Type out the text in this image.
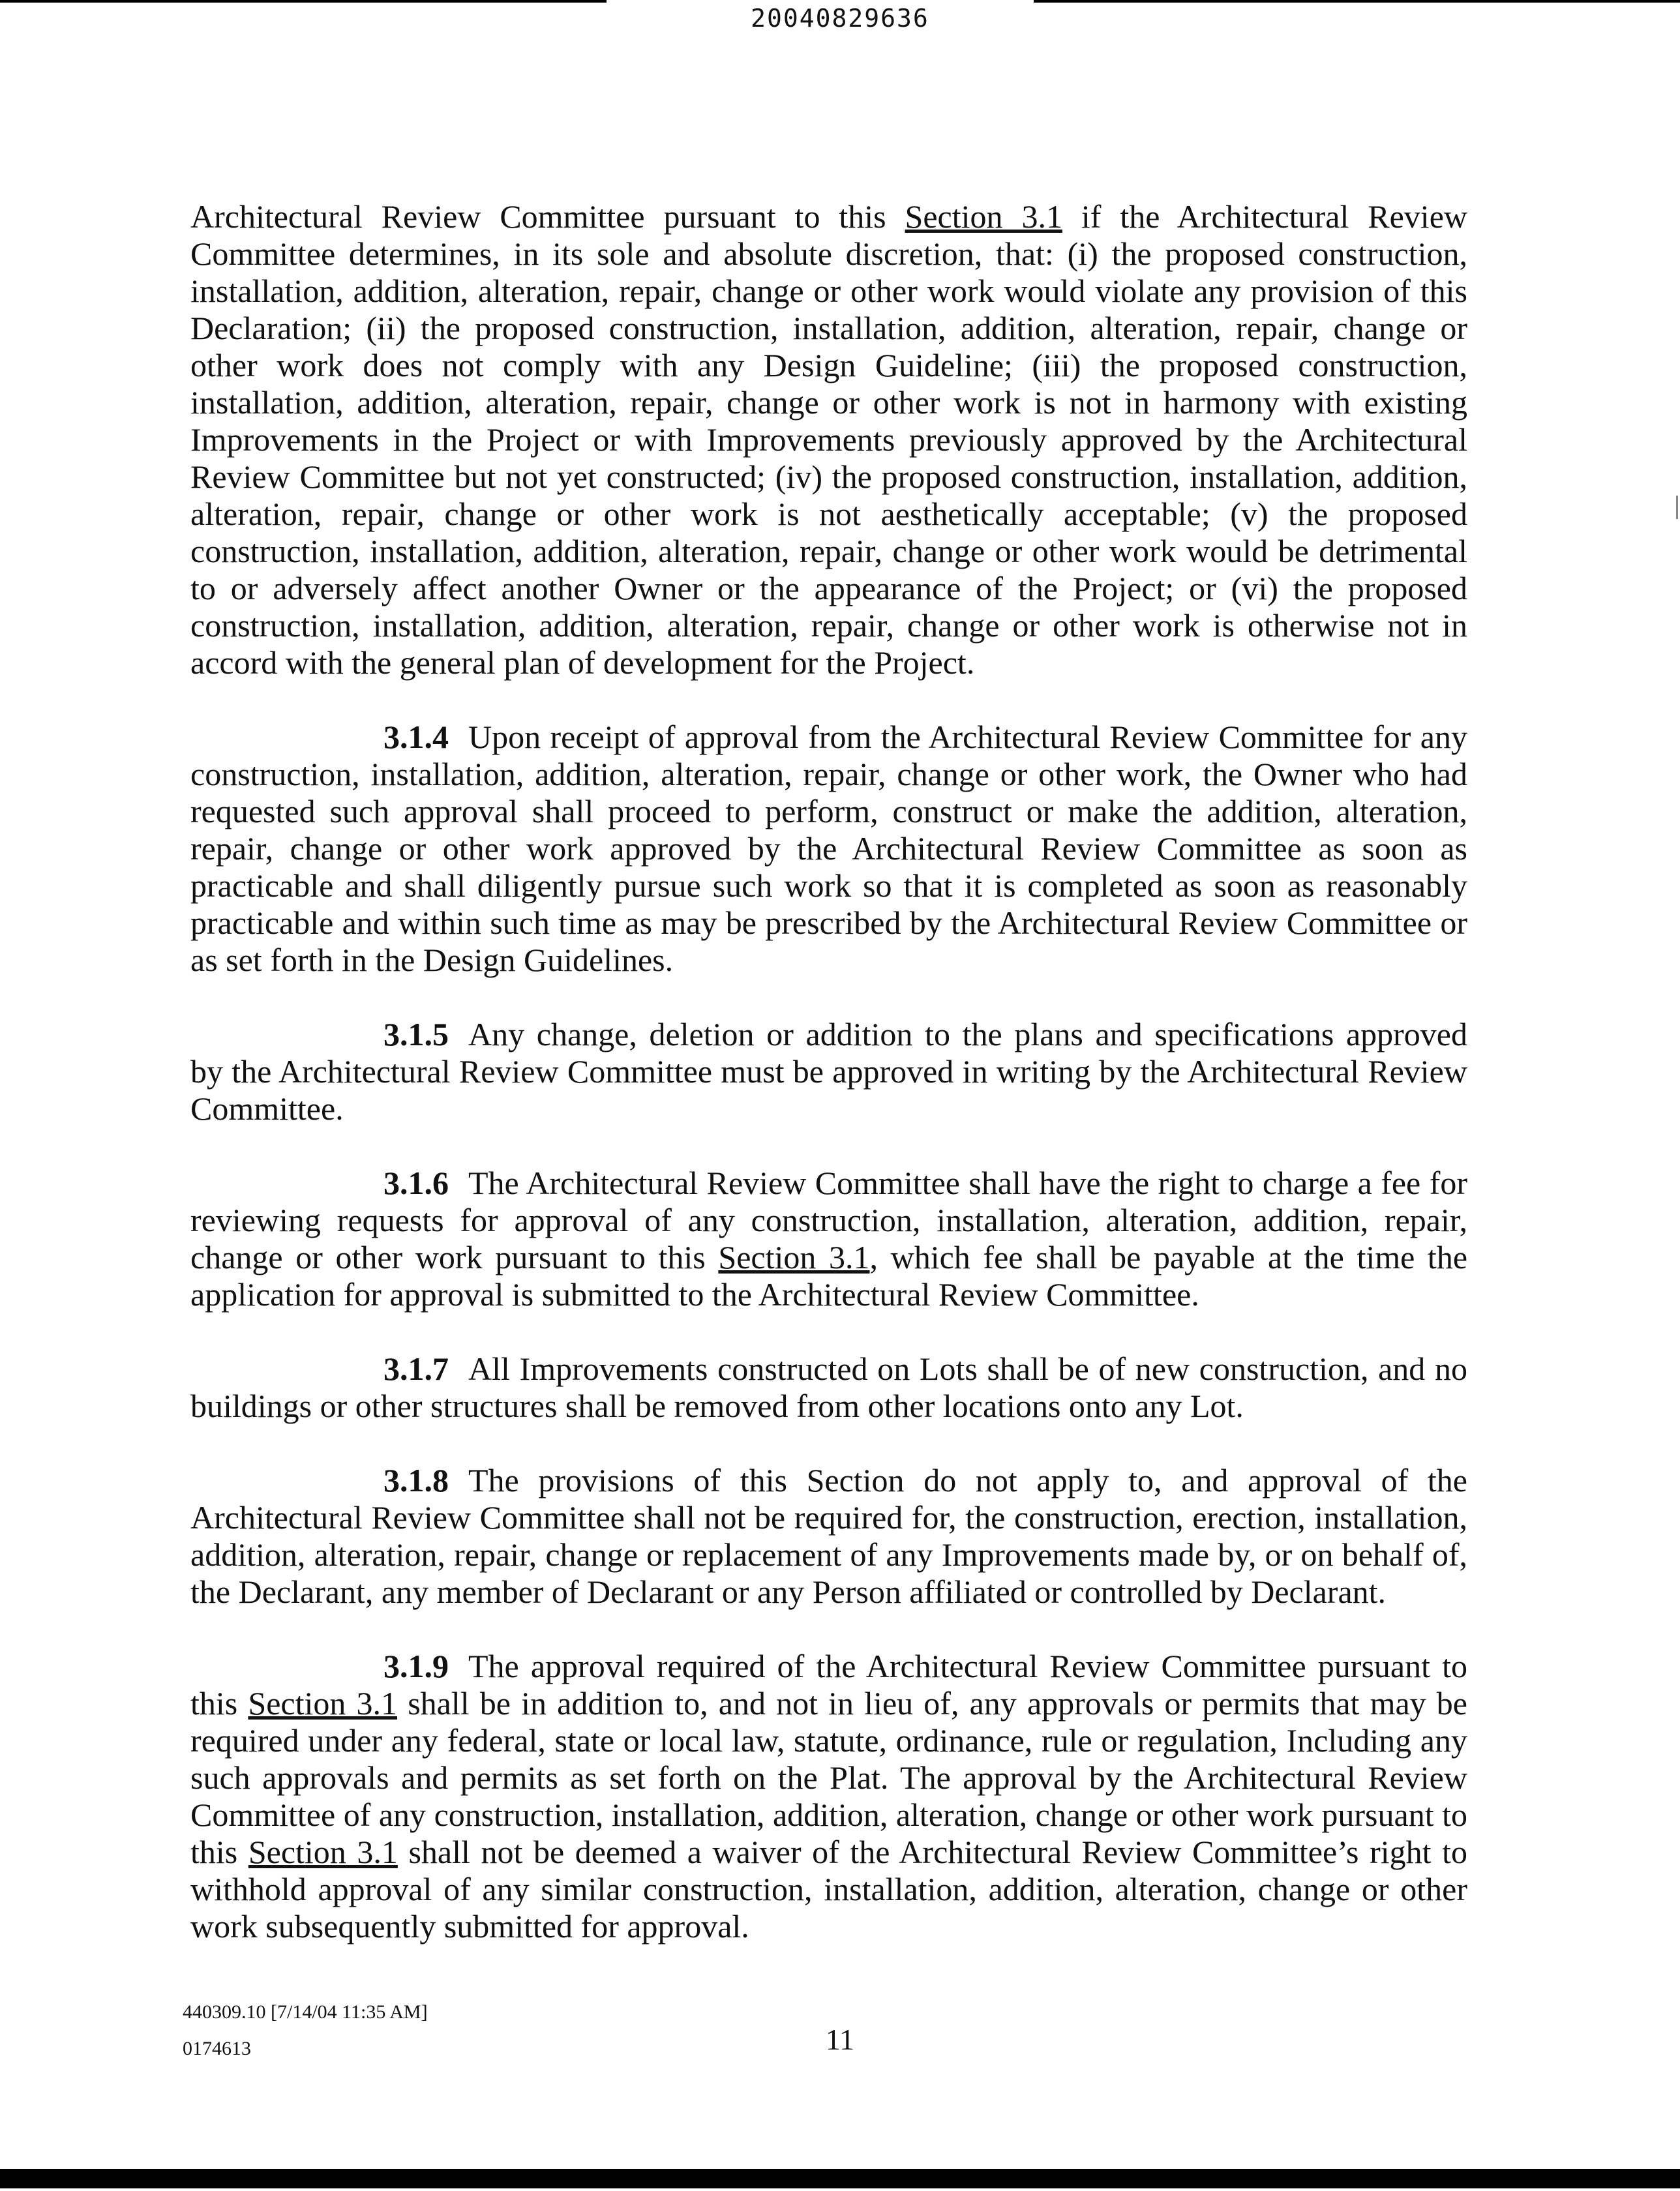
20040829636

Architectural Review Committee pursuant to this Section 3.1 if the Architectural Review Committee determines, in its sole and absolute discretion, that: (i) the proposed construction, installation, addition, alteration, repair, change or other work would violate any provision of this Declaration; (ii) the proposed construction, installation, addition, alteration, repair, change or other work does not comply with any Design Guideline; (iii) the proposed construction, installation, addition, alteration, repair, change or other work is not in harmony with existing Improvements in the Project or with Improvements previously approved by the Architectural Review Committee but not yet constructed; (iv) the proposed construction, installation, addition, alteration, repair, change or other work is not aesthetically acceptable; (v) the proposed construction, installation, addition, alteration, repair, change or other work would be detrimental to or adversely affect another Owner or the appearance of the Project; or (vi) the proposed construction, installation, addition, alteration, repair, change or other work is otherwise not in accord with the general plan of development for the Project.

3.1.4 Upon receipt of approval from the Architectural Review Committee for any construction, installation, addition, alteration, repair, change or other work, the Owner who had requested such approval shall proceed to perform, construct or make the addition, alteration, repair, change or other work approved by the Architectural Review Committee as soon as practicable and shall diligently pursue such work so that it is completed as soon as reasonably practicable and within such time as may be prescribed by the Architectural Review Committee or as set forth in the Design Guidelines.

3.1.5 Any change, deletion or addition to the plans and specifications approved by the Architectural Review Committee must be approved in writing by the Architectural Review Committee.

3.1.6 The Architectural Review Committee shall have the right to charge a fee for reviewing requests for approval of any construction, installation, alteration, addition, repair, change or other work pursuant to this Section 3.1, which fee shall be payable at the time the application for approval is submitted to the Architectural Review Committee.

3.1.7 All Improvements constructed on Lots shall be of new construction, and no buildings or other structures shall be removed from other locations onto any Lot.

3.1.8 The provisions of this Section do not apply to, and approval of the Architectural Review Committee shall not be required for, the construction, erection, installation, addition, alteration, repair, change or replacement of any Improvements made by, or on behalf of, the Declarant, any member of Declarant or any Person affiliated or controlled by Declarant.

3.1.9 The approval required of the Architectural Review Committee pursuant to this Section 3.1 shall be in addition to, and not in lieu of, any approvals or permits that may be required under any federal, state or local law, statute, ordinance, rule or regulation, Including any such approvals and permits as set forth on the Plat. The approval by the Architectural Review Committee of any construction, installation, addition, alteration, change or other work pursuant to this Section 3.1 shall not be deemed a waiver of the Architectural Review Committee’s right to withhold approval of any similar construction, installation, addition, alteration, change or other work subsequently submitted for approval.

440309.10 [7/14/04 11:35 AM]
0174613	11
